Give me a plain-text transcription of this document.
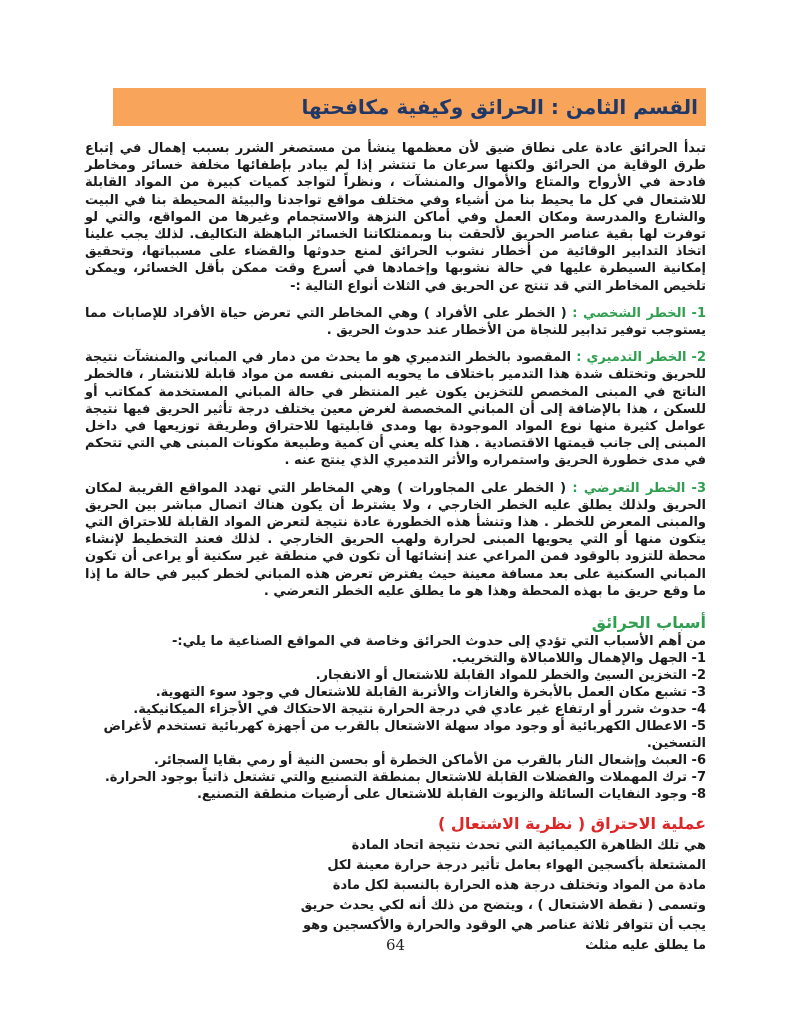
القسم الثامن : الحرائق وكيفية مكافحتها

تبدأ الحرائق عادة على نطاق ضيق لأن معظمها ينشأ من مستصغر الشرر بسبب إهمال في إتباع طرق الوقاية من الحرائق ولكنها سرعان ما تنتشر إذا لم يبادر بإطفائها مخلفة خسائر ومخاطر فادحة في الأرواح والمتاع والأموال والمنشآت ، ونظراً لتواجد كميات كبيرة من المواد القابلة للاشتعال في كل ما يحيط بنا من أشياء وفي مختلف مواقع تواجدنا والبيئة المحيطة بنا في البيت والشارع والمدرسة ومكان العمل وفي أماكن النزهة والاستجمام وغيرها من المواقع، والتي لو توفرت لها بقية عناصر الحريق لألحقت بنا وبممتلكاتنا الخسائر الباهظة التكاليف. لذلك يجب علينا اتخاذ التدابير الوقائية من أخطار نشوب الحرائق لمنع حدوثها والقضاء على مسبباتها، وتحقيق إمكانية السيطرة عليها في حالة نشوبها وإخمادها في أسرع وقت ممكن بأقل الخسائر، ويمكن تلخيص المخاطر التي قد تنتج عن الحريق في الثلاث أنواع التالية :-

1- الخطر الشخصي : ( الخطر على الأفراد ) وهي المخاطر التي تعرض حياة الأفراد للإصابات مما يستوجب توفير تدابير للنجاة من الأخطار عند حدوث الحريق .

2- الخطر التدميري : المقصود بالخطر التدميري هو ما يحدث من دمار في المباني والمنشآت نتيجة للحريق وتختلف شدة هذا التدمير باختلاف ما يحويه المبنى نفسه من مواد قابلة للانتشار ، فالخطر الناتج في المبنى المخصص للتخزين يكون غير المنتظر في حالة المباني المستخدمة كمكاتب أو للسكن ، هذا بالإضافة إلى أن المباني المخصصة لغرض معين يختلف درجة تأثير الحريق فيها نتيجة عوامل كثيرة منها نوع المواد الموجودة بها ومدى قابليتها للاحتراق وطريقة توزيعها في داخل المبنى إلى جانب قيمتها الاقتصادية . هذا كله يعني أن كمية وطبيعة مكونات المبنى هي التي تتحكم في مدى خطورة الحريق واستمراره والأثر التدميري الذي ينتج عنه .

3- الخطر التعرضي : ( الخطر على المجاورات ) وهي المخاطر التي تهدد المواقع القريبة لمكان الحريق ولذلك يطلق عليه الخطر الخارجي ، ولا يشترط أن يكون هناك اتصال مباشر بين الحريق والمبنى المعرض للخطر . هذا وتنشأ هذه الخطورة عادة نتيجة لتعرض المواد القابلة للاحتراق التي يتكون منها أو التي يحويها المبنى لحرارة ولهب الحريق الخارجي . لذلك فعند التخطيط لإنشاء محطة للتزود بالوقود فمن المراعي عند إنشائها أن تكون في منطقة غير سكنية أو يراعى أن تكون المباني السكنية على بعد مسافة معينة حيث يفترض تعرض هذه المباني لخطر كبير في حالة ما إذا ما وقع حريق ما بهذه المحطة وهذا هو ما يطلق عليه الخطر التعرضي .

أسباب الحرائق

من أهم الأسباب التي تؤدي إلى حدوث الحرائق وخاصة في المواقع الصناعية ما يلي:-

1- الجهل والإهمال واللامبالاة والتخريب.
2- التخزين السيئ والخطر للمواد القابلة للاشتعال أو الانفجار.
3- تشبع مكان العمل بالأبخرة والغازات والأتربة القابلة للاشتعال في وجود سوء التهوية.
4- حدوث شرر أو ارتفاع غير عادي في درجة الحرارة نتيجة الاحتكاك في الأجزاء الميكانيكية.
5- الاعطال الكهربائية أو وجود مواد سهلة الاشتعال بالقرب من أجهزة كهربائية تستخدم لأغراض التسخين.
6- العبث وإشعال النار بالقرب من الأماكن الخطرة أو بحسن النية أو رمي بقايا السجائر.
7- ترك المهملات والفضلات القابلة للاشتعال بمنطقة التصنيع والتي تشتعل ذاتياً بوجود الحرارة.
8- وجود النفايات السائلة والزيوت القابلة للاشتعال على أرضيات منطقة التصنيع.
عملية الاحتراق ( نظرية الاشتعال )

هي تلك الظاهرة الكيميائية التي تحدث نتيجة اتحاد المادة المشتعلة بأكسجين الهواء بعامل تأثير درجة حرارة معينة لكل مادة من المواد وتختلف درجة هذه الحرارة بالنسبة لكل مادة وتسمى ( نقطة الاشتعال ) ، ويتضح من ذلك أنه لكي يحدث حريق يجب أن تتوافر ثلاثة عناصر هي الوقود والحرارة والأكسجين وهو ما يطلق عليه مثلث

64
